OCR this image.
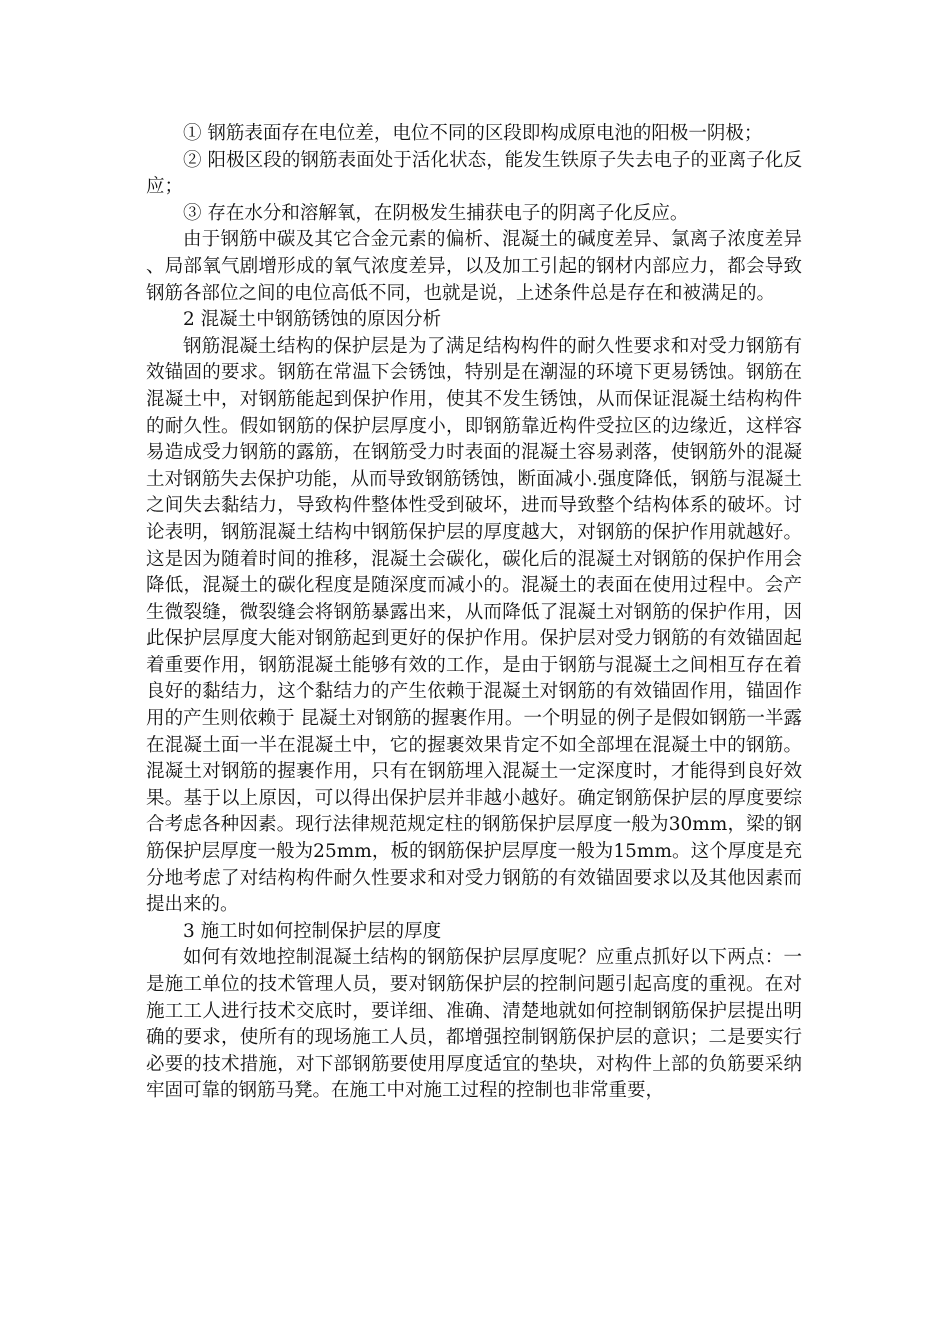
① 钢筋表面存在电位差，电位不同的区段即构成原电池的阳极一阴极；

② 阳极区段的钢筋表面处于活化状态，能发生铁原子失去电子的亚离子化反应；

③ 存在水分和溶解氧，在阴极发生捕获电子的阴离子化反应。

由于钢筋中碳及其它合金元素的偏析、混凝土的碱度差异、氯离子浓度差异、局部氧气剧增形成的氧气浓度差异，以及加工引起的钢材内部应力，都会导致钢筋各部位之间的电位高低不同，也就是说，上述条件总是存在和被满足的。

2 混凝土中钢筋锈蚀的原因分析

钢筋混凝土结构的保护层是为了满足结构构件的耐久性要求和对受力钢筋有效锚固的要求。钢筋在常温下会锈蚀，特别是在潮湿的环境下更易锈蚀。钢筋在混凝土中，对钢筋能起到保护作用，使其不发生锈蚀，从而保证混凝土结构构件的耐久性。假如钢筋的保护层厚度小，即钢筋靠近构件受拉区的边缘近，这样容易造成受力钢筋的露筋，在钢筋受力时表面的混凝土容易剥落，使钢筋外的混凝土对钢筋失去保护功能，从而导致钢筋锈蚀，断面减小.强度降低，钢筋与混凝土之间失去黏结力，导致构件整体性受到破坏，进而导致整个结构体系的破坏。讨论表明，钢筋混凝土结构中钢筋保护层的厚度越大，对钢筋的保护作用就越好。这是因为随着时间的推移，混凝土会碳化，碳化后的混凝土对钢筋的保护作用会降低，混凝土的碳化程度是随深度而减小的。混凝土的表面在使用过程中。会产生微裂缝，微裂缝会将钢筋暴露出来，从而降低了混凝土对钢筋的保护作用，因此保护层厚度大能对钢筋起到更好的保护作用。保护层对受力钢筋的有效锚固起着重要作用，钢筋混凝土能够有效的工作，是由于钢筋与混凝土之间相互存在着良好的黏结力，这个黏结力的产生依赖于混凝土对钢筋的有效锚固作用，锚固作用的产生则依赖于 昆凝土对钢筋的握裹作用。一个明显的例子是假如钢筋一半露在混凝土面一半在混凝土中，它的握裹效果肯定不如全部埋在混凝土中的钢筋。混凝土对钢筋的握裹作用，只有在钢筋埋入混凝土一定深度时，才能得到良好效果。基于以上原因，可以得出保护层并非越小越好。确定钢筋保护层的厚度要综合考虑各种因素。现行法律规范规定柱的钢筋保护层厚度一般为30mm，梁的钢筋保护层厚度一般为25mm，板的钢筋保护层厚度一般为15mm。这个厚度是充分地考虑了对结构构件耐久性要求和对受力钢筋的有效锚固要求以及其他因素而提出来的。

3 施工时如何控制保护层的厚度

如何有效地控制混凝土结构的钢筋保护层厚度呢？应重点抓好以下两点：一是施工单位的技术管理人员，要对钢筋保护层的控制问题引起高度的重视。在对施工工人进行技术交底时，要详细、准确、清楚地就如何控制钢筋保护层提出明确的要求，使所有的现场施工人员，都增强控制钢筋保护层的意识；二是要实行必要的技术措施，对下部钢筋要使用厚度适宜的垫块，对构件上部的负筋要采纳牢固可靠的钢筋马凳。在施工中对施工过程的控制也非常重要，
